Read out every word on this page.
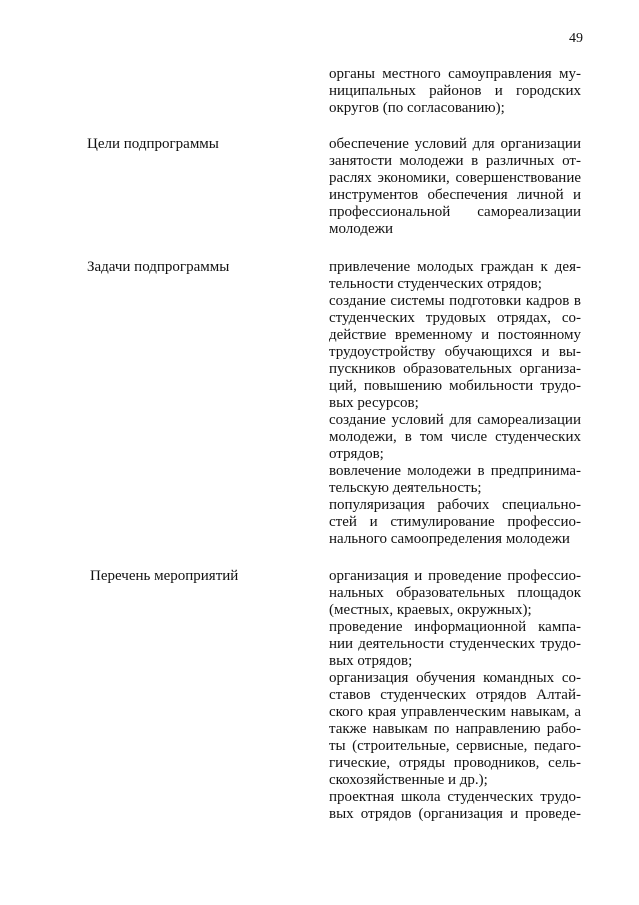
49
органы местного самоуправления му-
ниципальных районов и городских
округов (по согласованию);
Цели подпрограммы	обеспечение условий для организации
занятости молодежи в различных от-
раслях экономики, совершенствование
инструментов обеспечения личной и
профессиональной самореализации
молодежи
Задачи подпрограммы	привлечение молодых граждан к дея-
тельности студенческих отрядов;
создание системы подготовки кадров в
студенческих трудовых отрядах, со-
действие временному и постоянному
трудоустройству обучающихся и вы-
пускников образовательных организа-
ций, повышению мобильности трудо-
вых ресурсов;
создание условий для самореализации
молодежи, в том числе студенческих
отрядов;
вовлечение молодежи в предпринима-
тельскую деятельность;
популяризация рабочих специально-
стей и стимулирование профессио-
нального самоопределения молодежи
Перечень мероприятий	организация и проведение профессио-
нальных образовательных площадок
(местных, краевых, окружных);
проведение информационной кампа-
нии деятельности студенческих трудо-
вых отрядов;
организация обучения командных со-
ставов студенческих отрядов Алтай-
ского края управленческим навыкам, а
также навыкам по направлению рабо-
ты (строительные, сервисные, педаго-
гические, отряды проводников, сель-
скохозяйственные и др.);
проектная школа студенческих трудо-
вых отрядов (организация и проведе-
